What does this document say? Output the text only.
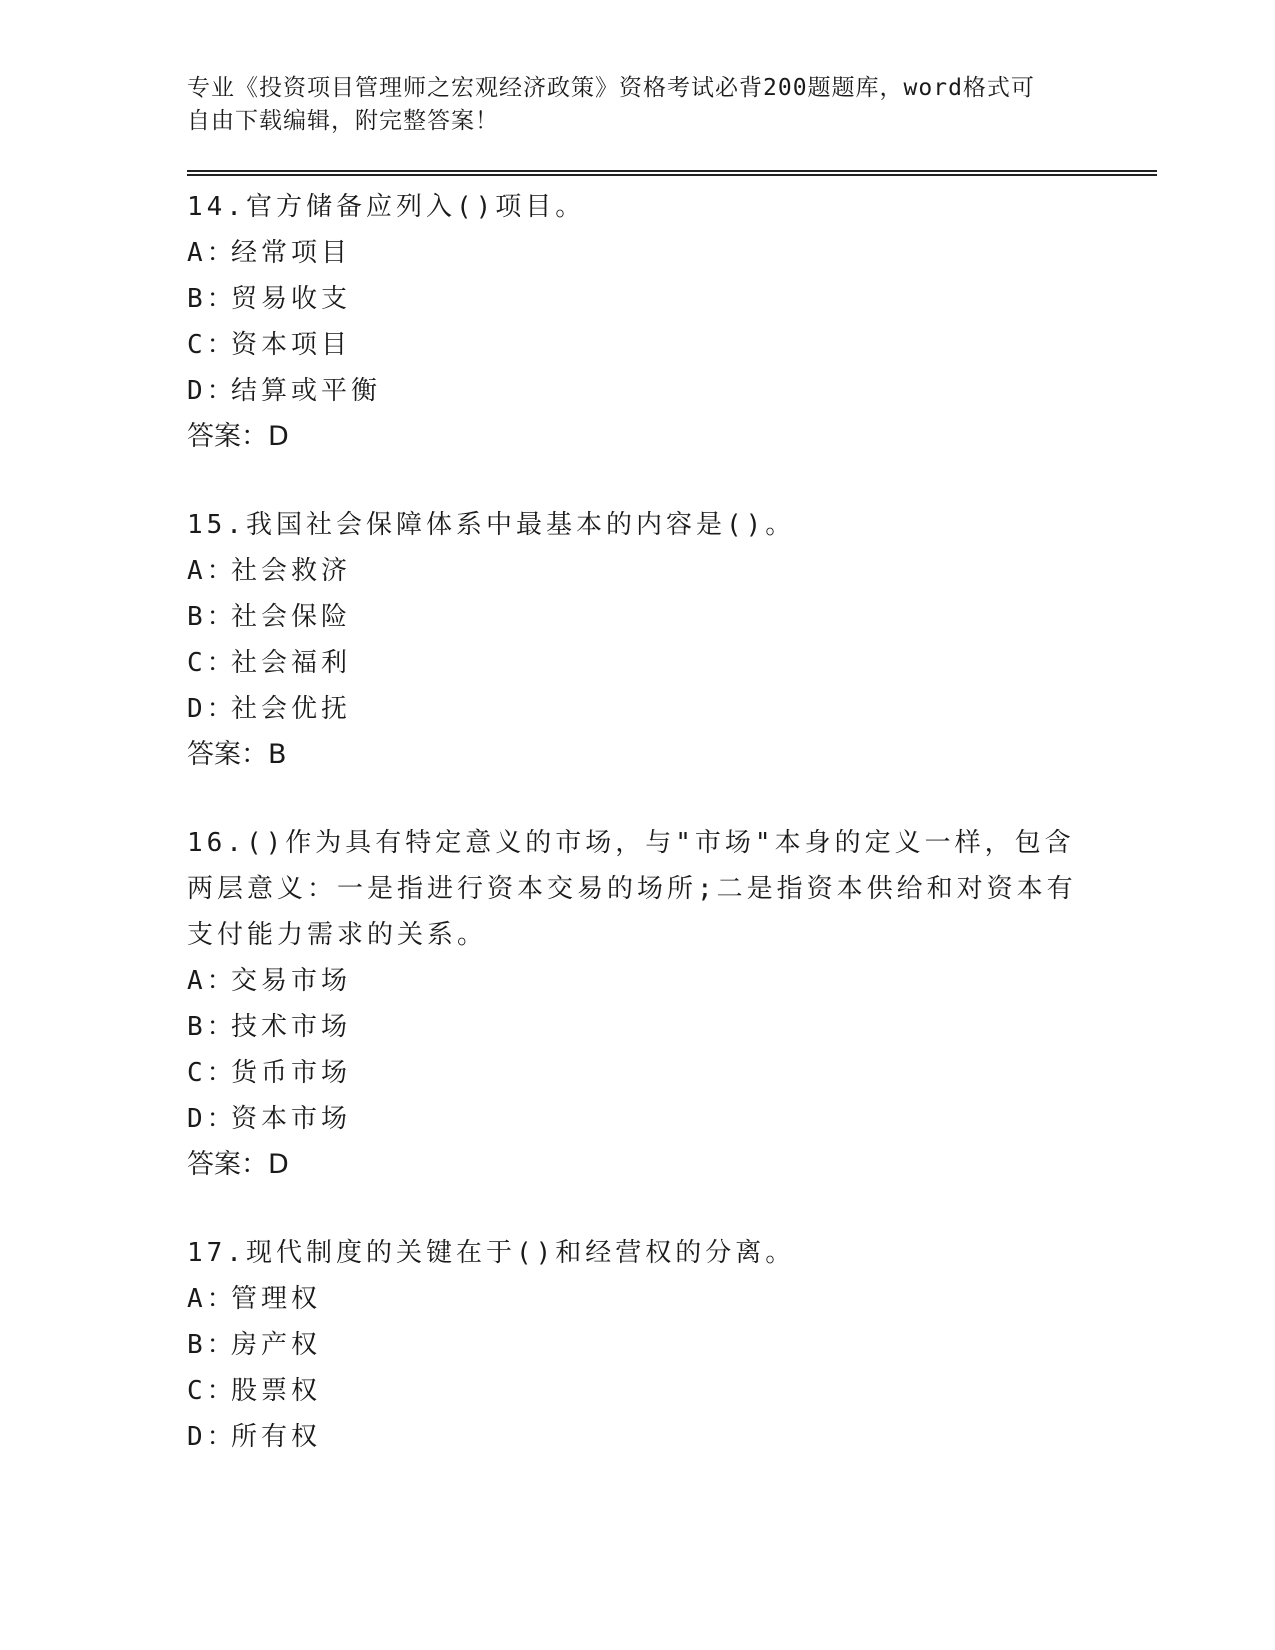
专业《投资项目管理师之宏观经济政策》资格考试必背200题题库，word格式可
自由下载编辑，附完整答案！

14.官方储备应列入()项目。

A：
经常项目
B：
贸易收支
C：
资本项目
D：
结算或平衡

答案：D

15.我国社会保障体系中最基本的内容是()。

A：
社会救济
B：
社会保险
C：
社会福利
D：
社会优抚

答案：B

16.()作为具有特定意义的市场，与"市场"本身的定义一样，包含两层意义：一是指进行资本交易的场所;二是指资本供给和对资本有支付能力需求的关系。

A：
交易市场
B：
技术市场
C：
货币市场
D：
资本市场

答案：D

17.现代制度的关键在于()和经营权的分离。

A：
管理权
B：
房产权
C：
股票权
D：
所有权
